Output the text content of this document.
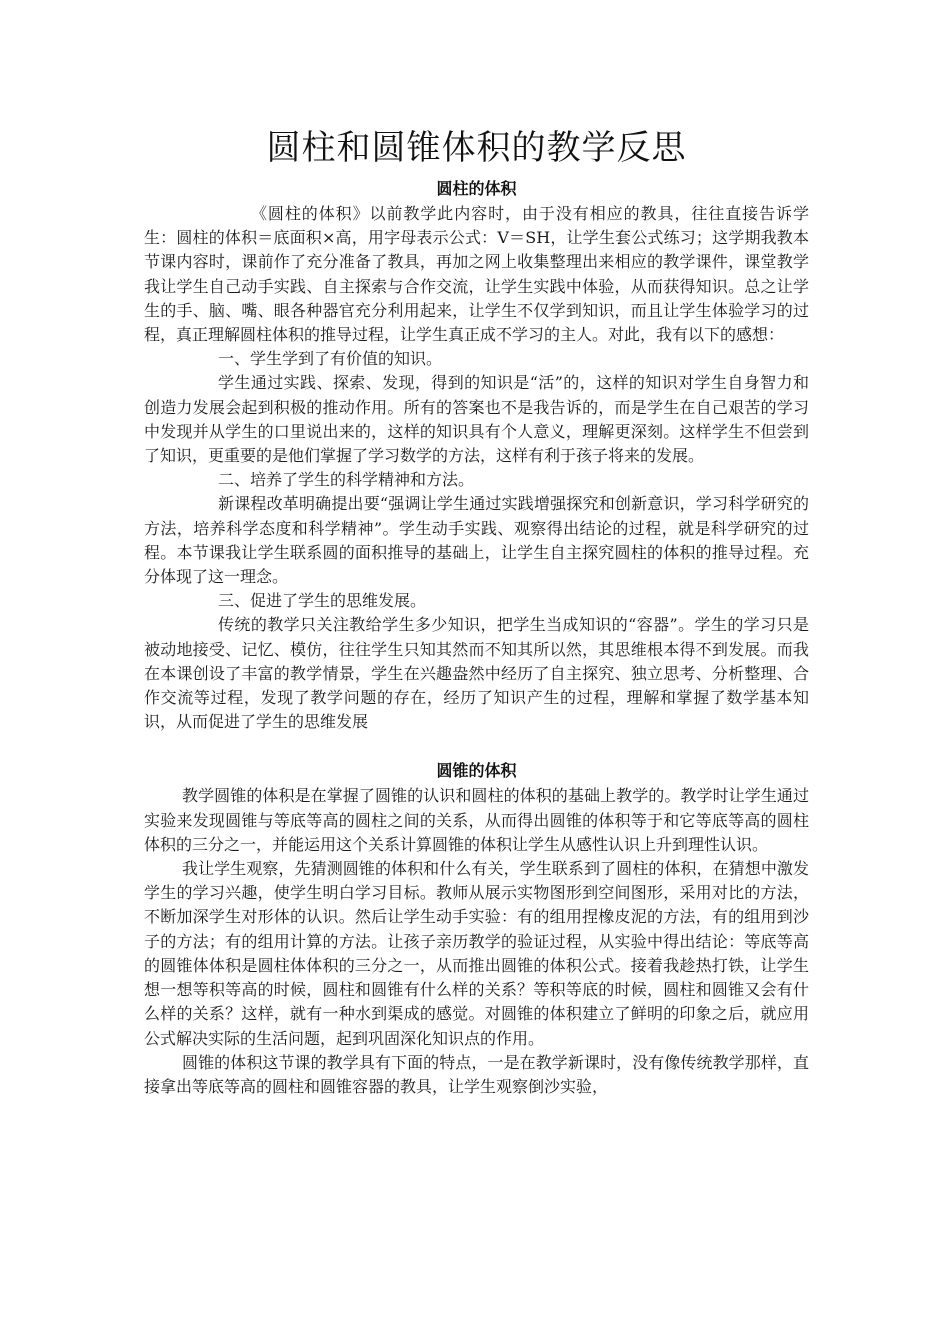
圆柱和圆锥体积的教学反思
圆柱的体积

《圆柱的体积》以前教学此内容时，由于没有相应的教具，往往直接告诉学生：圆柱的体积＝底面积×高，用字母表示公式：V＝SH，让学生套公式练习；这学期我教本节课内容时，课前作了充分准备了教具，再加之网上收集整理出来相应的教学课件，课堂教学我让学生自己动手实践、自主探索与合作交流，让学生实践中体验，从而获得知识。总之让学生的手、脑、嘴、眼各种器官充分利用起来，让学生不仅学到知识，而且让学生体验学习的过程，真正理解圆柱体积的推导过程，让学生真正成不学习的主人。对此，我有以下的感想：

一、学生学到了有价值的知识。

学生通过实践、探索、发现，得到的知识是“活”的，这样的知识对学生自身智力和创造力发展会起到积极的推动作用。所有的答案也不是我告诉的，而是学生在自己艰苦的学习中发现并从学生的口里说出来的，这样的知识具有个人意义，理解更深刻。这样学生不但尝到了知识，更重要的是他们掌握了学习数学的方法，这样有利于孩子将来的发展。

二、培养了学生的科学精神和方法。

新课程改革明确提出要“强调让学生通过实践增强探究和创新意识，学习科学研究的方法，培养科学态度和科学精神”。学生动手实践、观察得出结论的过程，就是科学研究的过程。本节课我让学生联系圆的面积推导的基础上，让学生自主探究圆柱的体积的推导过程。充分体现了这一理念。

三、促进了学生的思维发展。

传统的教学只关注教给学生多少知识，把学生当成知识的“容器”。学生的学习只是被动地接受、记忆、模仿，往往学生只知其然而不知其所以然，其思维根本得不到发展。而我在本课创设了丰富的教学情景，学生在兴趣盎然中经历了自主探究、独立思考、分析整理、合作交流等过程，发现了教学问题的存在，经历了知识产生的过程，理解和掌握了数学基本知识，从而促进了学生的思维发展

圆锥的体积

教学圆锥的体积是在掌握了圆锥的认识和圆柱的体积的基础上教学的。教学时让学生通过实验来发现圆锥与等底等高的圆柱之间的关系，从而得出圆锥的体积等于和它等底等高的圆柱体积的三分之一，并能运用这个关系计算圆锥的体积让学生从感性认识上升到理性认识。

我让学生观察，先猜测圆锥的体积和什么有关，学生联系到了圆柱的体积，在猜想中激发学生的学习兴趣，使学生明白学习目标。教师从展示实物图形到空间图形，采用对比的方法，不断加深学生对形体的认识。然后让学生动手实验：有的组用捏橡皮泥的方法，有的组用到沙子的方法；有的组用计算的方法。让孩子亲历教学的验证过程，从实验中得出结论：等底等高的圆锥体体积是圆柱体体积的三分之一，从而推出圆锥的体积公式。接着我趁热打铁，让学生想一想等积等高的时候，圆柱和圆锥有什么样的关系？等积等底的时候，圆柱和圆锥又会有什么样的关系？这样，就有一种水到渠成的感觉。对圆锥的体积建立了鲜明的印象之后，就应用公式解决实际的生活问题，起到巩固深化知识点的作用。

圆锥的体积这节课的教学具有下面的特点，一是在教学新课时，没有像传统教学那样，直接拿出等底等高的圆柱和圆锥容器的教具，让学生观察倒沙实验，
